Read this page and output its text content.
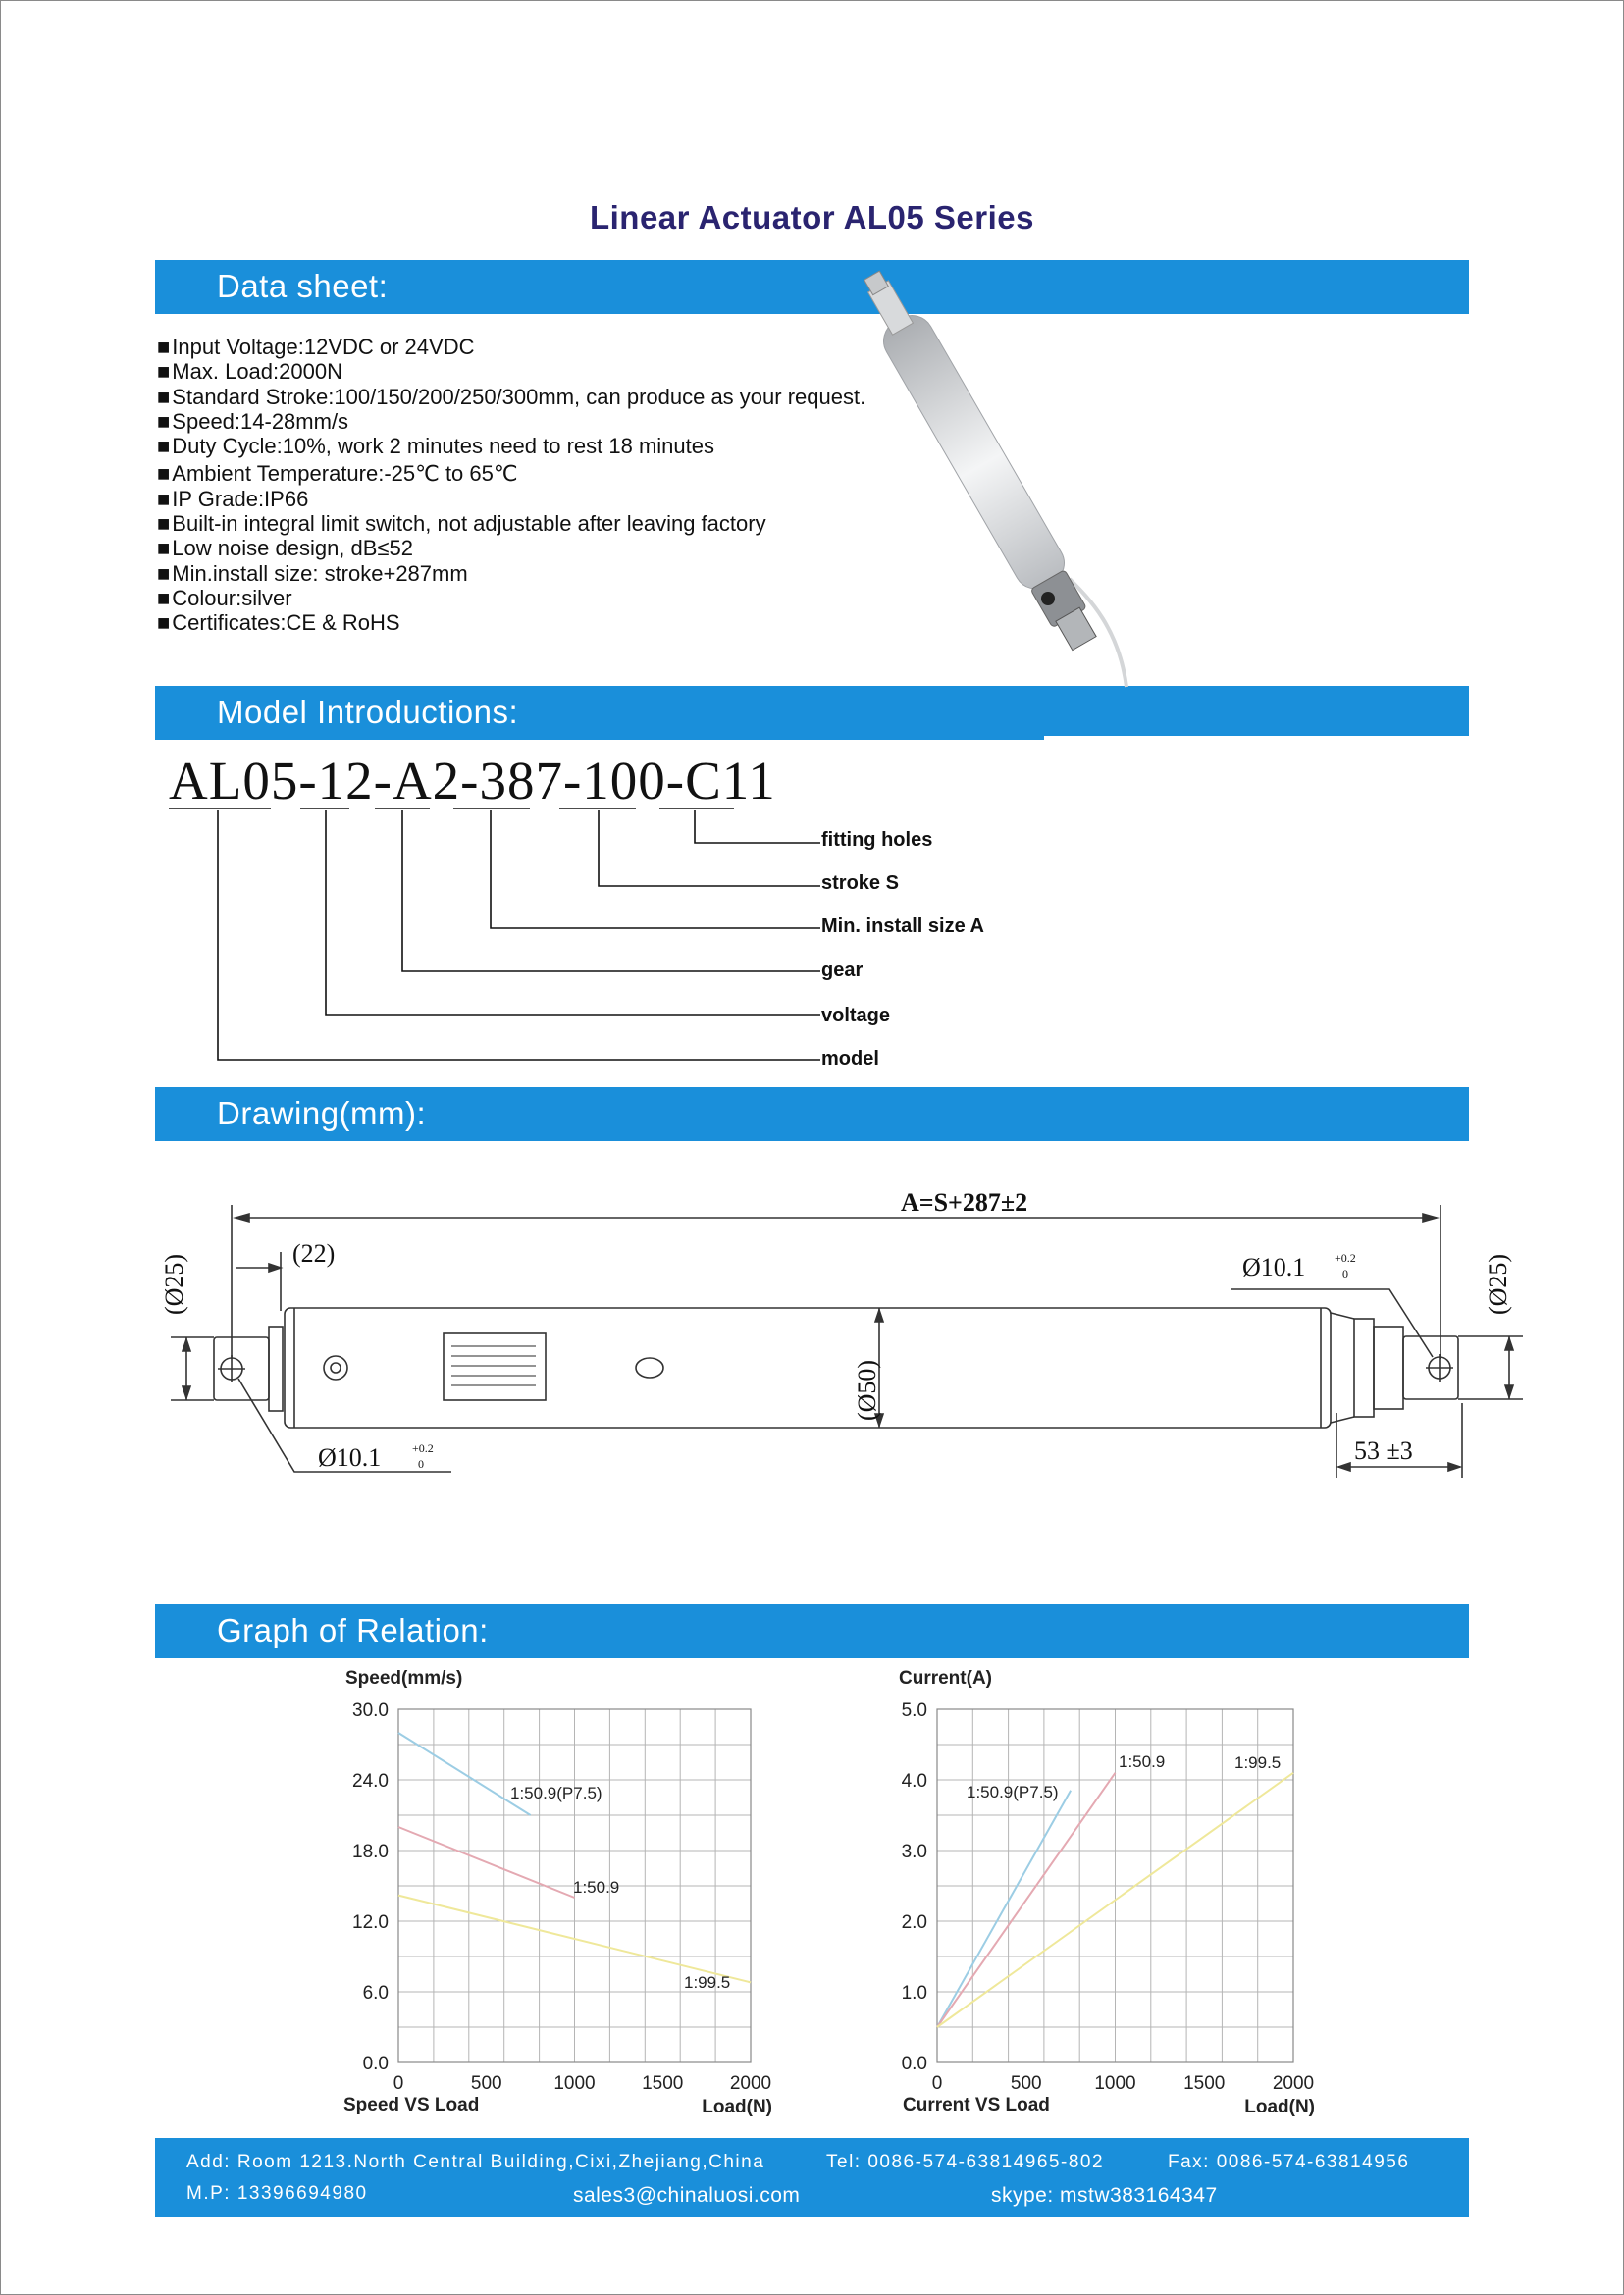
Linear Actuator AL05 Series
Data sheet:
Model Introductions:
Drawing(mm):
Graph of Relation:
■ Input Voltage:12VDC or 24VDC
■ Max. Load:2000N
■ Standard Stroke:100/150/200/250/300mm, can produce as your request.
■ Speed:14-28mm/s
■ Duty Cycle:10%, work 2 minutes need to rest 18 minutes
■ Ambient Temperature:-25℃ to 65℃
■ IP Grade:IP66
■ Built-in integral limit switch, not adjustable after leaving factory
■ Low noise design, dB≤52
■ Min.install size: stroke+287mm
■ Colour:silver
■ Certificates:CE & RoHS
AL05-12-A2-387-100-C11
fitting holes
stroke S
Min. install size A
gear
voltage
model
A=S+287±2
(22)	Ø10.1 +0.2
0
Ø10.1	+0.2
0	53 ±3
(Ø25)	(Ø25)
(Ø50)
0.0
6.0
12.0
18.0
24.0
30.0
0	500	1000 1500 2000
Speed(mm/s)
Load(N)
Speed VS Load
1:50.9(P7.5)
1:50.9
1:99.5
0.0
1.0
2.0
3.0
4.0
5.0
0	500	1000	1500	2000
Current(A)
Load(N)
Current VS Load
1:50.9(P7.5)
1:50.9	1:99.5
Add: Room 1213.North Central Building,Cixi,Zhejiang,China	Tel: 0086-574-63814965-802	Fax: 0086-574-63814956
M.P: 13396694980	sales3@chinaluosi.com	skype: mstw383164347
